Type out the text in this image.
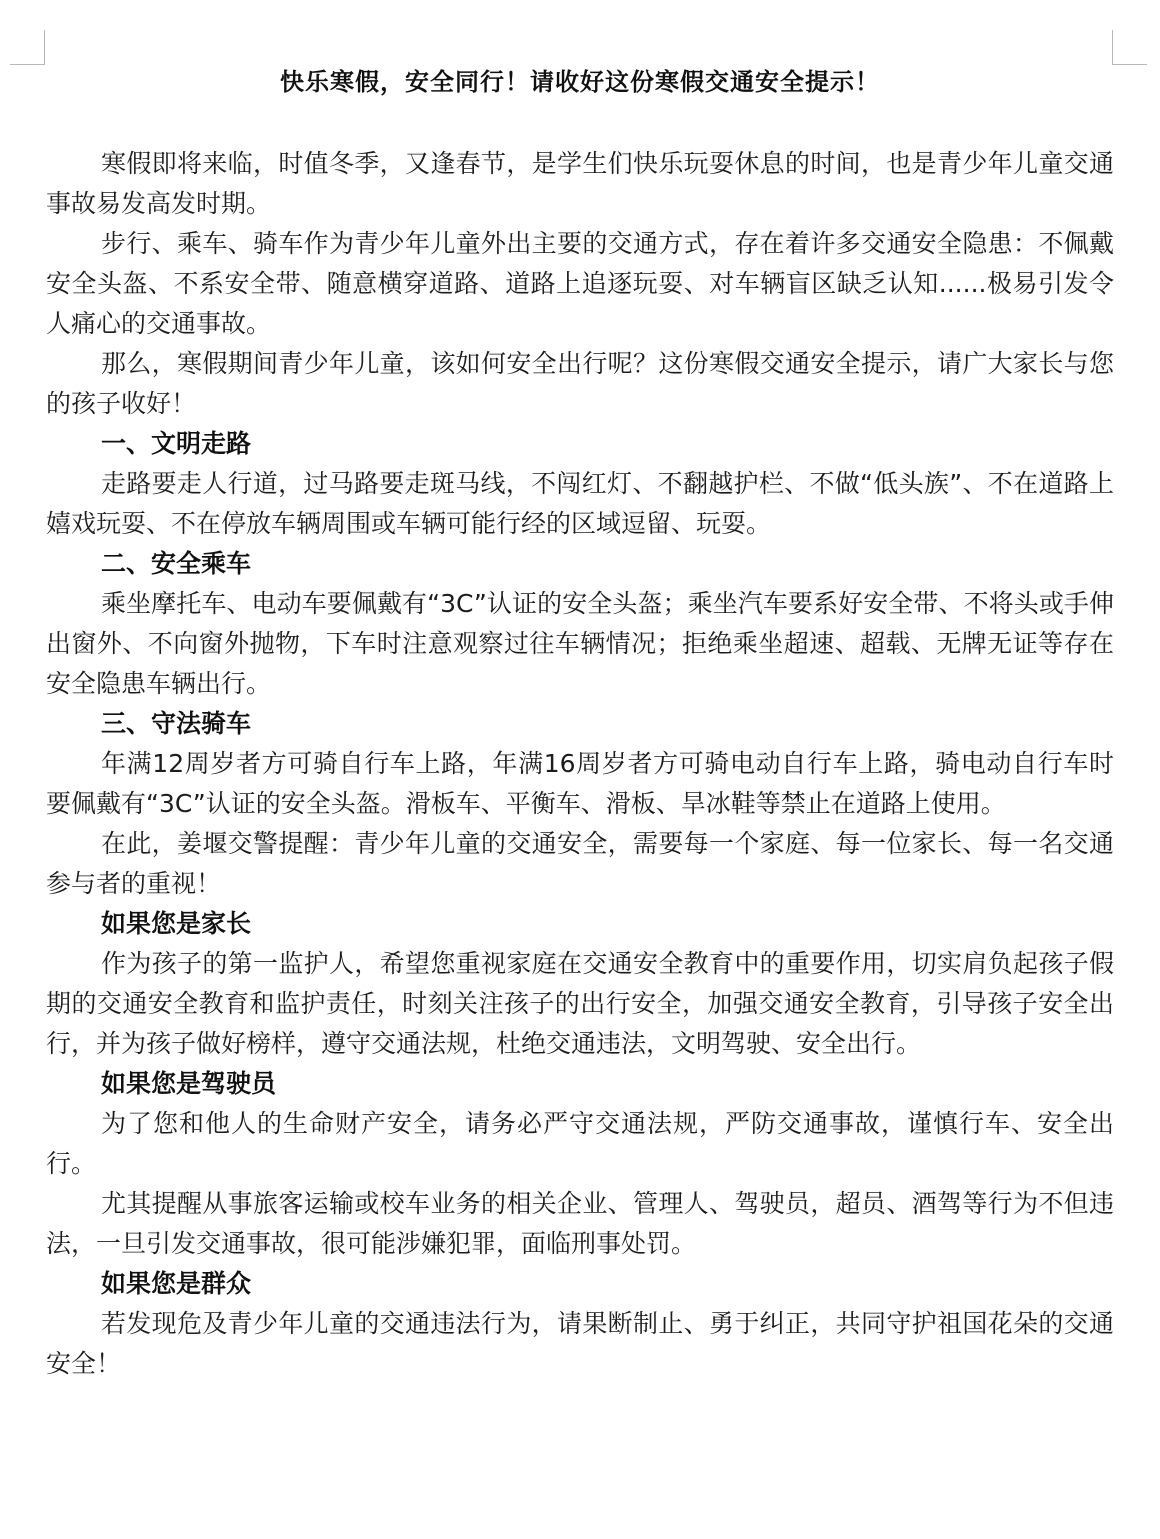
快乐寒假，安全同行！请收好这份寒假交通安全提示！

寒假即将来临，时值冬季，又逢春节，是学生们快乐玩耍休息的时间，也是青少年儿童交通事故易发高发时期。

步行、乘车、骑车作为青少年儿童外出主要的交通方式，存在着许多交通安全隐患：不佩戴安全头盔、不系安全带、随意横穿道路、道路上追逐玩耍、对车辆盲区缺乏认知......极易引发令人痛心的交通事故。

那么，寒假期间青少年儿童，该如何安全出行呢？这份寒假交通安全提示，请广大家长与您的孩子收好！

一、文明走路

走路要走人行道，过马路要走斑马线，不闯红灯、不翻越护栏、不做“低头族”、不在道路上嬉戏玩耍、不在停放车辆周围或车辆可能行经的区域逗留、玩耍。

二、安全乘车

乘坐摩托车、电动车要佩戴有“3C”认证的安全头盔；乘坐汽车要系好安全带、不将头或手伸出窗外、不向窗外抛物，下车时注意观察过往车辆情况；拒绝乘坐超速、超载、无牌无证等存在安全隐患车辆出行。

三、守法骑车

年满12周岁者方可骑自行车上路，年满16周岁者方可骑电动自行车上路，骑电动自行车时要佩戴有“3C”认证的安全头盔。滑板车、平衡车、滑板、旱冰鞋等禁止在道路上使用。

在此，姜堰交警提醒：青少年儿童的交通安全，需要每一个家庭、每一位家长、每一名交通参与者的重视！

如果您是家长

作为孩子的第一监护人，希望您重视家庭在交通安全教育中的重要作用，切实肩负起孩子假期的交通安全教育和监护责任，时刻关注孩子的出行安全，加强交通安全教育，引导孩子安全出行，并为孩子做好榜样，遵守交通法规，杜绝交通违法，文明驾驶、安全出行。

如果您是驾驶员

为了您和他人的生命财产安全，请务必严守交通法规，严防交通事故，谨慎行车、安全出行。

尤其提醒从事旅客运输或校车业务的相关企业、管理人、驾驶员，超员、酒驾等行为不但违法，一旦引发交通事故，很可能涉嫌犯罪，面临刑事处罚。

如果您是群众

若发现危及青少年儿童的交通违法行为，请果断制止、勇于纠正，共同守护祖国花朵的交通安全！
